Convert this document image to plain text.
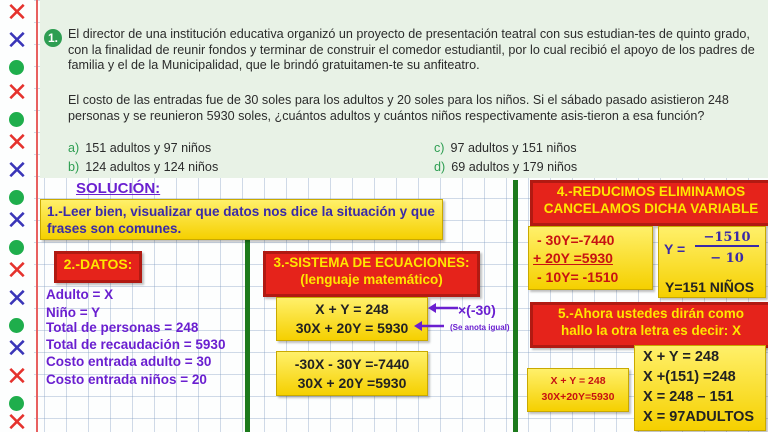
✕
✕
✕
✕
✕
✕
✕
✕
✕
✕
✕
1. El director de una institución educativa organizó un proyecto de presentación teatral con sus estudian-tes de quinto grado, con la finalidad de reunir fondos y terminar de construir el comedor estudiantil, por lo cual recibió el apoyo de los padres de familia y el de la Municipalidad, que le brindó gratuitamen-te su anfiteatro.

El costo de las entradas fue de 30 soles para los adultos y 20 soles para los niños. Si el sábado pasado asistieron 248 personas y se reunieron 5930 soles, ¿cuántos adultos y cuántos niños respectivamente asis-tieron a esa función?

a) 151 adultos y 97 niños	c) 97 adultos y 151 niños
b) 124 adultos y 124 niños	d) 69 adultos y 179 niños
SOLUCIÓN:
1.-Leer bien, visualizar que datos nos dice la situación y que frases son comunes.
2.-DATOS:
Adulto = X
Niño = Y
Total de personas = 248
Total de recaudación = 5930
Costo entrada adulto = 30
Costo entrada niños = 20
3.-SISTEMA DE ECUACIONES:
(lenguaje matemático)
X + Y = 248
30X + 20Y = 5930
×(-30)
(Se anota igual)
-30X - 30Y =-7440
30X + 20Y =5930
4.-REDUCIMOS ELIMINAMOS
CANCELAMOS DICHA VARIABLE
- 30Y=-7440
+ 20Y =5930
- 10Y= -1510
Y =
−1510
− 10
Y=151 NIÑOS
5.-Ahora ustedes dirán como
hallo la otra letra es decir: X
X + Y = 248
30X+20Y=5930
X + Y = 248
X +(151) =248
X = 248 – 151
X = 97ADULTOS
